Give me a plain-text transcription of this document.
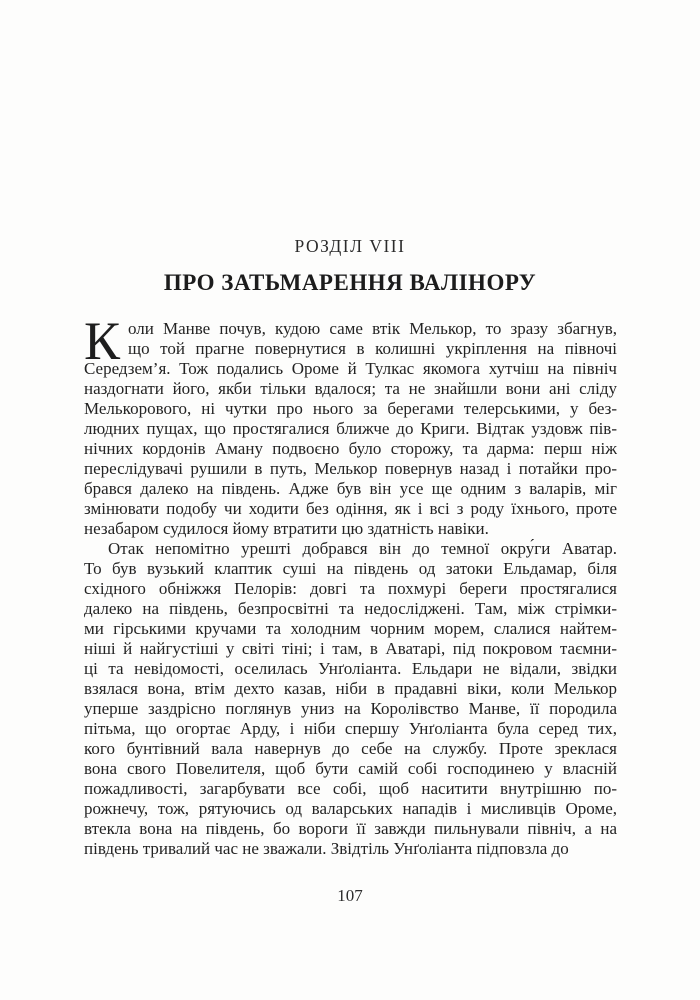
РОЗДІЛ VIII
ПРО ЗАТЬМАРЕННЯ ВАЛІНОРУ
К оли Манве почув, кудою саме втік Мелькор, то зразу збагнув,
що той прагне повернутися в колишні укріплення на півночі
Середзем’я. Тож подались Ороме й Тулкас якомога хутчіш на північ
наздогнати його, якби тільки вдалося; та не знайшли вони ані сліду
Мелькорового, ні чутки про нього за берегами телерськими, у без-
людних пущах, що простягалися ближче до Криги. Відтак уздовж пів-
нічних кордонів Аману подвоєно було сторожу, та дарма: перш ніж
переслідувачі рушили в путь, Мелькор повернув назад і потайки про-
брався далеко на південь. Адже був він усе ще одним з валарів, міг
змінювати подобу чи ходити без одіння, як і всі з роду їхнього, проте
незабаром судилося йому втратити цю здатність навіки.
Отак непомітно урешті добрався він до темної окру́ги Аватар.
То був вузький клаптик суші на південь од затоки Ельдамар, біля
східного обніжжя Пелорів: довгі та похмурі береги простягалися
далеко на південь, безпросвітні та недосліджені. Там, між стрімки-
ми гірськими кручами та холодним чорним морем, слалися найтем-
ніші й найгустіші у світі тіні; і там, в Аватарі, під покровом таємни-
ці та невідомості, оселилась Унґоліанта. Ельдари не відали, звідки
взялася вона, втім дехто казав, ніби в прадавні віки, коли Мелькор
уперше заздрісно поглянув униз на Королівство Манве, її породила
пітьма, що огортає Арду, і ніби спершу Унґоліанта була серед тих,
кого бунтівний вала навернув до себе на службу. Проте зреклася
вона свого Повелителя, щоб бути самій собі господинею у власній
пожадливості, загарбувати все собі, щоб наситити внутрішню по-
рожнечу, тож, рятуючись од валарських нападів і мисливців Ороме,
втекла вона на південь, бо вороги її завжди пильнували північ, а на
південь тривалий час не зважали. Звідтіль Унґоліанта підповзла до
107
